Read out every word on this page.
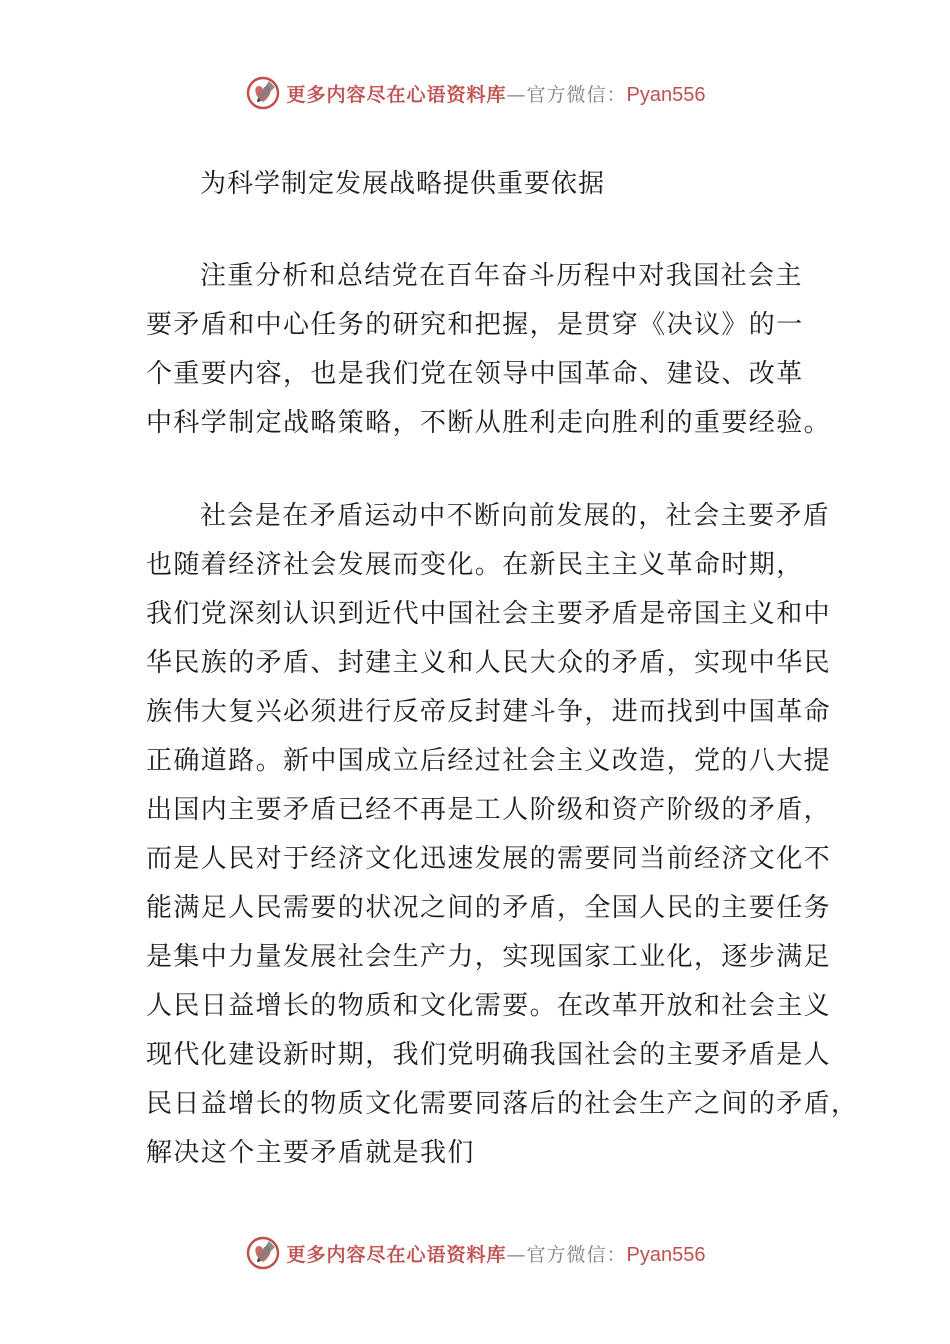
更多内容尽在心语资料库—官方微信：Pyan556
为科学制定发展战略提供重要依据
注重分析和总结党在百年奋斗历程中对我国社会主
要矛盾和中心任务的研究和把握，是贯穿《决议》的一
个重要内容，也是我们党在领导中国革命、建设、改革
中科学制定战略策略，不断从胜利走向胜利的重要经验。
社会是在矛盾运动中不断向前发展的，社会主要矛盾
也随着经济社会发展而变化。在新民主主义革命时期，
我们党深刻认识到近代中国社会主要矛盾是帝国主义和中
华民族的矛盾、封建主义和人民大众的矛盾，实现中华民
族伟大复兴必须进行反帝反封建斗争，进而找到中国革命
正确道路。新中国成立后经过社会主义改造，党的八大提
出国内主要矛盾已经不再是工人阶级和资产阶级的矛盾，
而是人民对于经济文化迅速发展的需要同当前经济文化不
能满足人民需要的状况之间的矛盾，全国人民的主要任务
是集中力量发展社会生产力，实现国家工业化，逐步满足
人民日益增长的物质和文化需要。在改革开放和社会主义
现代化建设新时期，我们党明确我国社会的主要矛盾是人
民日益增长的物质文化需要同落后的社会生产之间的矛盾，
解决这个主要矛盾就是我们
更多内容尽在心语资料库—官方微信：Pyan556
